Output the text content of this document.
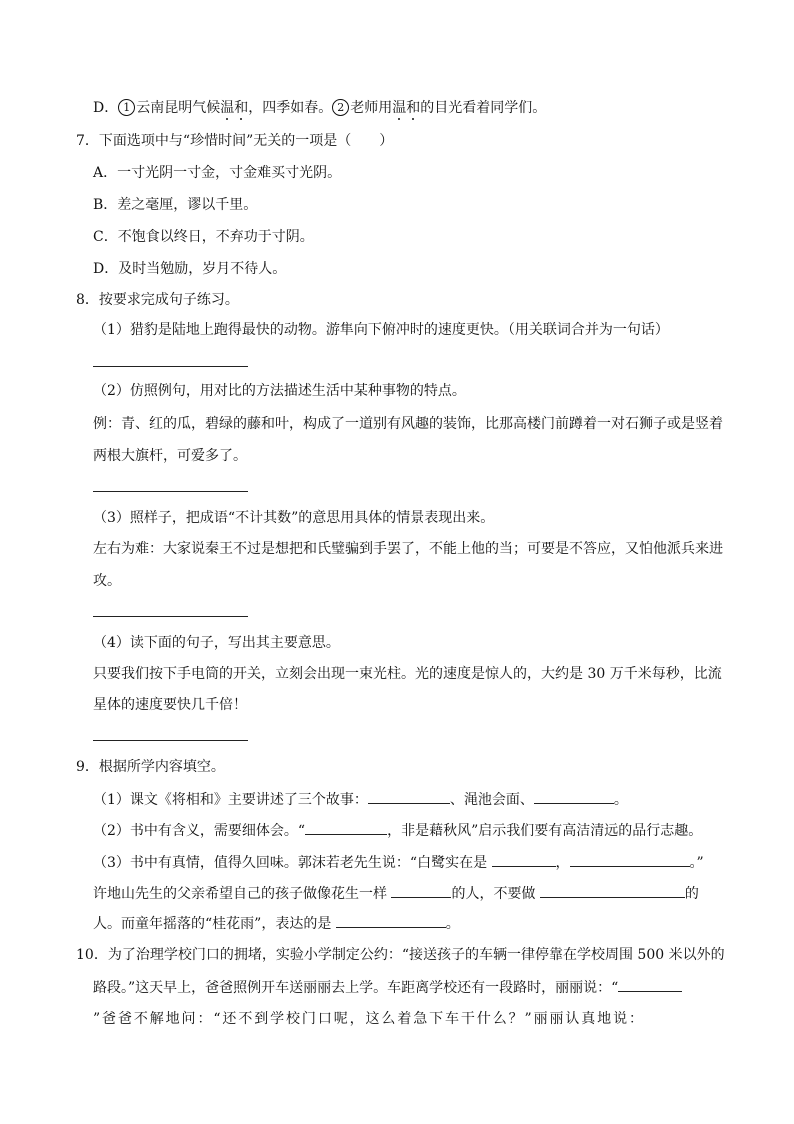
D． 1 云南昆明气候温和，四季如春。 2 老师用温和的目光看着同学们。
7．下面选项中与“珍惜时间”无关的一项是（　　）
A．一寸光阴一寸金，寸金难买寸光阴。
B．差之毫厘，谬以千里。
C．不饱食以终日，不弃功于寸阴。
D．及时当勉励，岁月不待人。
8．按要求完成句子练习。
（1）猎豹是陆地上跑得最快的动物。游隼向下俯冲时的速度更快。（用关联词合并为一句话）
（2）仿照例句，用对比的方法描述生活中某种事物的特点。
例：青、红的瓜，碧绿的藤和叶，构成了一道别有风趣的装饰，比那高楼门前蹲着一对石狮子或是竖着
两根大旗杆，可爱多了。
（3）照样子，把成语“不计其数”的意思用具体的情景表现出来。
左右为难：大家说秦王不过是想把和氏璧骗到手罢了，不能上他的当；可要是不答应，又怕他派兵来进
攻。
（4）读下面的句子，写出其主要意思。
只要我们按下手电筒的开关，立刻会出现一束光柱。光的速度是惊人的，大约是 30 万千米每秒，比流
星体的速度要快几千倍！
9．根据所学内容填空。
（1）课文《将相和》主要讲述了三个故事：	、渑池会面、	。
（2）书中有含义，需要细体会。“	，非是藉秋风”启示我们要有高洁清远的品行志趣。
（3）书中有真情，值得久回味。郭沫若老先生说：“白鹭实在是	，	。”
许地山先生的父亲希望自己的孩子做像花生一样	的人，不要做	的
人。而童年摇落的“桂花雨”，表达的是	。
10．为了治理学校门口的拥堵，实验小学制定公约：“接送孩子的车辆一律停靠在学校周围 500 米以外的
路段。”这天早上，爸爸照例开车送丽丽去上学。车距离学校还有一段路时，丽丽说：“
”爸爸不解地问：“还不到学校门口呢，这么着急下车干什么？”丽丽认真地说：
